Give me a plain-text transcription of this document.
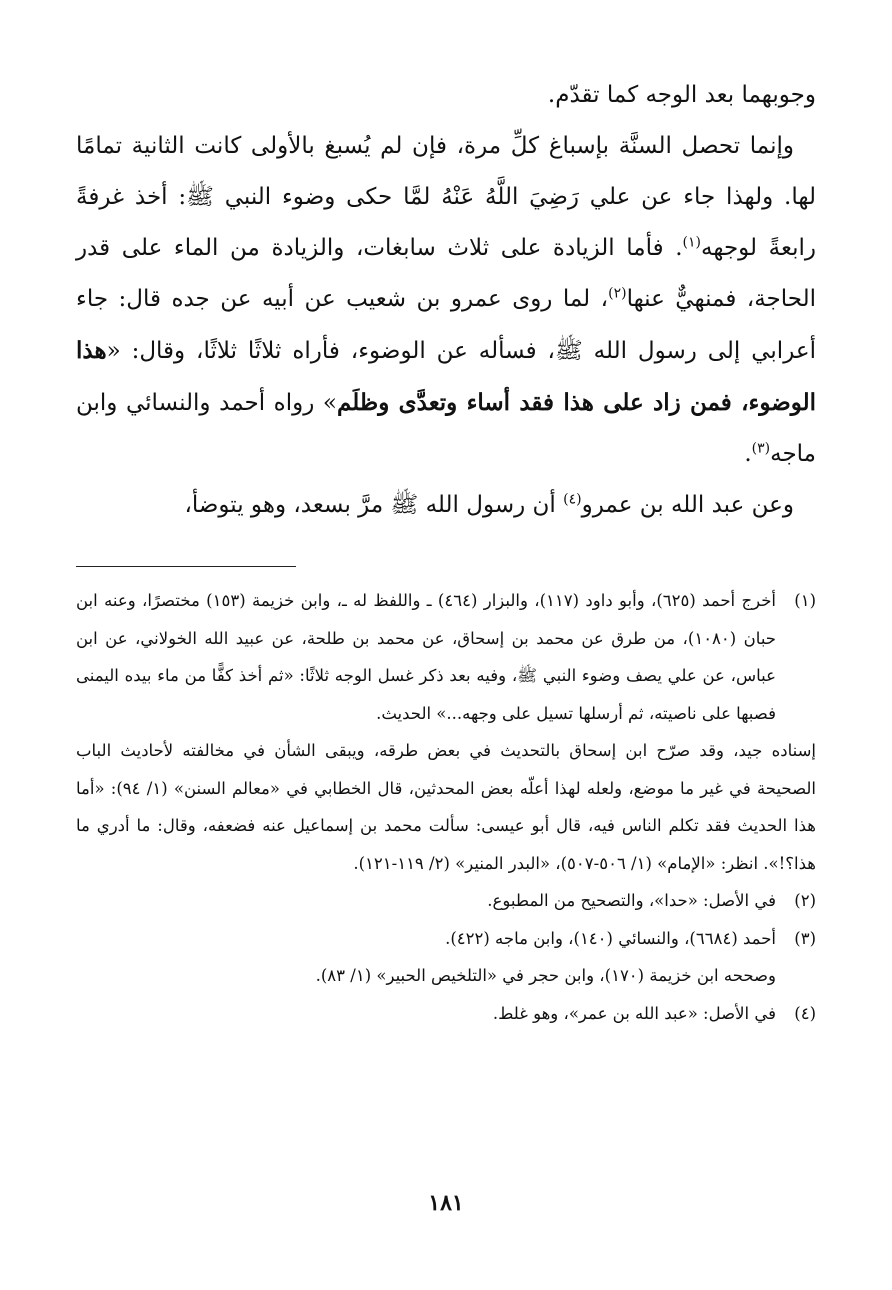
وجوبهما بعد الوجه كما تقدّم.

وإنما تحصل السنَّة بإسباغ كلِّ مرة، فإن لم يُسبغ بالأولى كانت الثانية تمامًا لها. ولهذا جاء عن علي رَضِيَ اللَّهُ عَنْهُ لمَّا حكى وضوء النبي ﷺ: أخذ غرفةً رابعةً لوجهه$^{(١)}$. فأما الزيادة على ثلاث سابغات، والزيادة من الماء على قدر الحاجة، فمنهيٌّ عنها$^{(٢)}$، لما روى عمرو بن شعيب عن أبيه عن جده قال: جاء أعرابي إلى رسول الله ﷺ، فسأله عن الوضوء، فأراه ثلاثًا ثلاثًا، وقال: «هذا الوضوء، فمن زاد على هذا فقد أساء وتعدَّى وظلَم» رواه أحمد والنسائي وابن ماجه$^{(٣)}$.

وعن عبد الله بن عمرو$^{(٤)}$ أن رسول الله ﷺ مرَّ بسعد، وهو يتوضأ،

(١)
أخرج أحمد (٦٢٥)، وأبو داود (١١٧)، والبزار (٤٦٤) ـ واللفظ له ـ، وابن خزيمة (١٥٣) مختصرًا، وعنه ابن حبان (١٠٨٠)، من طرق عن محمد بن إسحاق، عن محمد بن طلحة، عن عبيد الله الخولاني، عن ابن عباس، عن علي يصف وضوء النبي ﷺ، وفيه بعد ذكر غسل الوجه ثلاثًا: «ثم أخذ كفًّا من ماء بيده اليمنى فصبها على ناصيته، ثم أرسلها تسيل على وجهه...» الحديث.
إسناده جيد، وقد صرّح ابن إسحاق بالتحديث في بعض طرقه، ويبقى الشأن في مخالفته لأحاديث الباب الصحيحة في غير ما موضع، ولعله لهذا أعلّه بعض المحدثين، قال الخطابي في «معالم السنن» (١/ ٩٤): «أما هذا الحديث فقد تكلم الناس فيه، قال أبو عيسى: سألت محمد بن إسماعيل عنه فضعفه، وقال: ما أدري ما هذا؟!». انظر: «الإمام» (١/ ٥٠٦-٥٠٧)، «البدر المنير» (٢/ ١١٩-١٢١).
(٢)
في الأصل: «حدا»، والتصحيح من المطبوع.
(٣)
أحمد (٦٦٨٤)، والنسائي (١٤٠)، وابن ماجه (٤٢٢).
وصححه ابن خزيمة (١٧٠)، وابن حجر في «التلخيص الحبير» (١/ ٨٣).
(٤)
في الأصل: «عبد الله بن عمر»، وهو غلط.
١٨١
